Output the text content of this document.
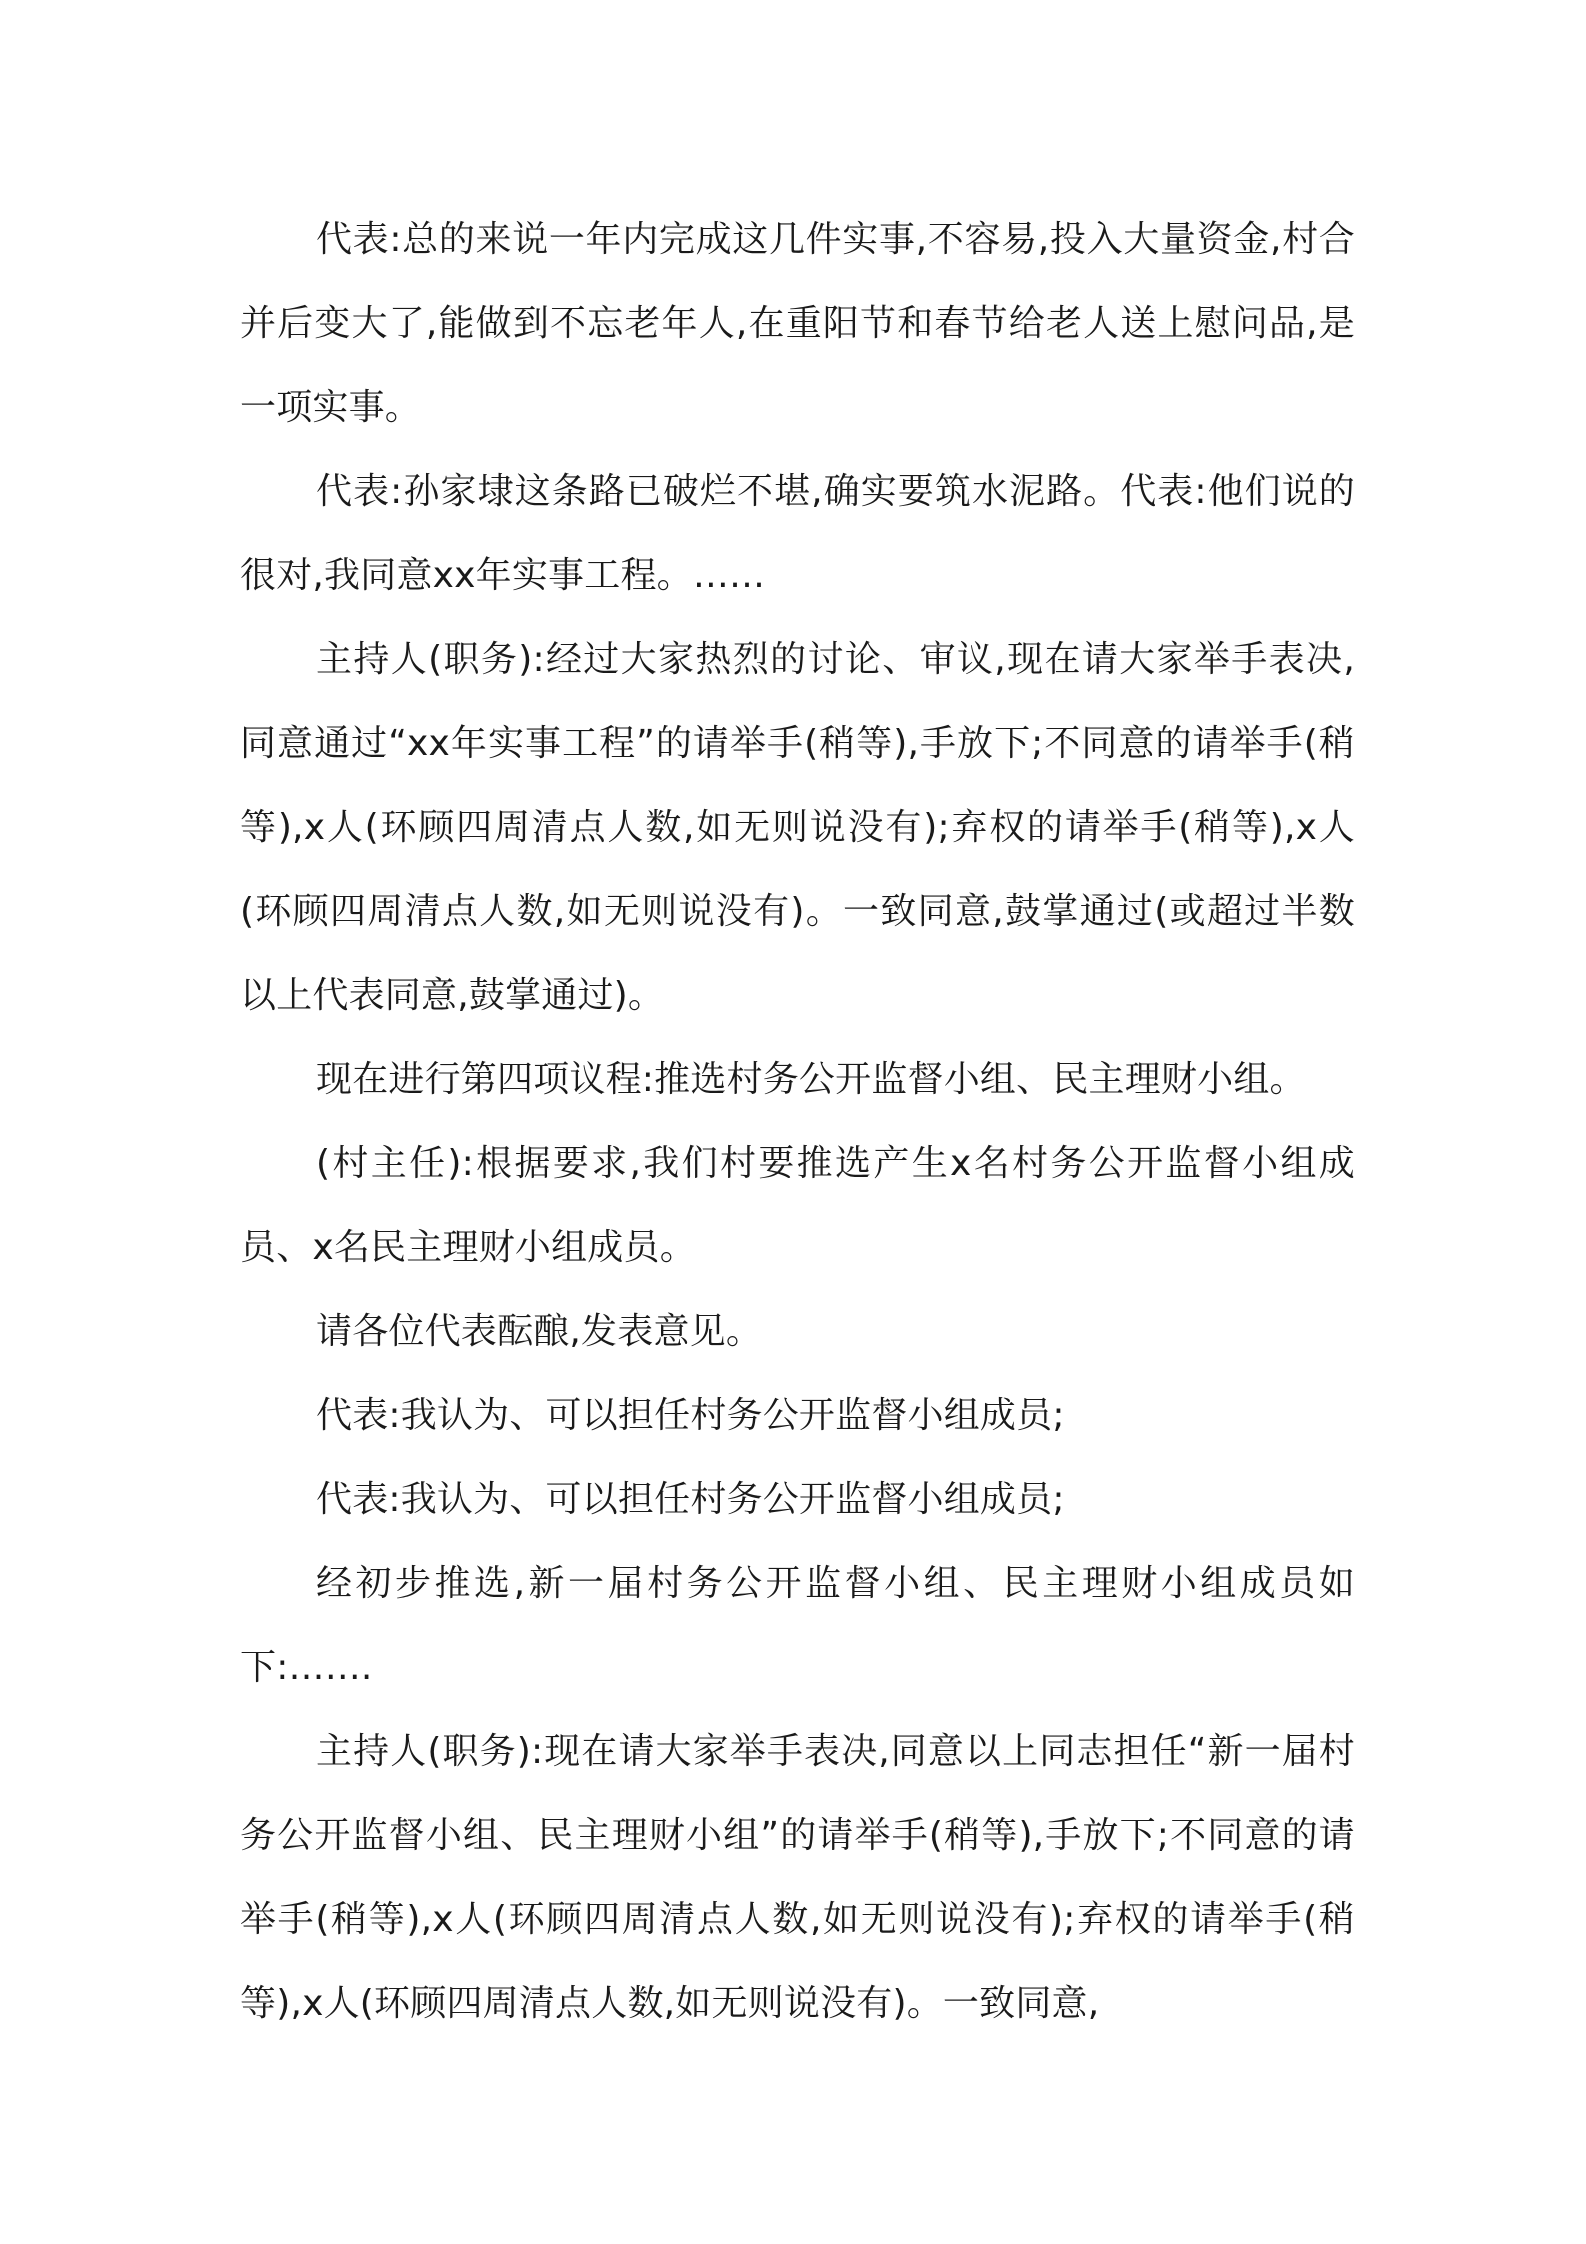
代表:总的来说一年内完成这几件实事,不容易,投入大量资金,村合并后变大了,能做到不忘老年人,在重阳节和春节给老人送上慰问品,是一项实事。

代表:孙家埭这条路已破烂不堪,确实要筑水泥路。代表:他们说的很对,我同意xx年实事工程。……

主持人(职务):经过大家热烈的讨论、审议,现在请大家举手表决,同意通过“xx年实事工程”的请举手(稍等),手放下;不同意的请举手(稍等),x人(环顾四周清点人数,如无则说没有);弃权的请举手(稍等),x人(环顾四周清点人数,如无则说没有)。一致同意,鼓掌通过(或超过半数以上代表同意,鼓掌通过)。

现在进行第四项议程:推选村务公开监督小组、民主理财小组。

(村主任):根据要求,我们村要推选产生x名村务公开监督小组成员、x名民主理财小组成员。

请各位代表酝酿,发表意见。

代表:我认为、可以担任村务公开监督小组成员;

代表:我认为、可以担任村务公开监督小组成员;

经初步推选,新一届村务公开监督小组、民主理财小组成员如下:…….

主持人(职务):现在请大家举手表决,同意以上同志担任“新一届村务公开监督小组、民主理财小组”的请举手(稍等),手放下;不同意的请举手(稍等),x人(环顾四周清点人数,如无则说没有);弃权的请举手(稍等),x人(环顾四周清点人数,如无则说没有)。一致同意,
